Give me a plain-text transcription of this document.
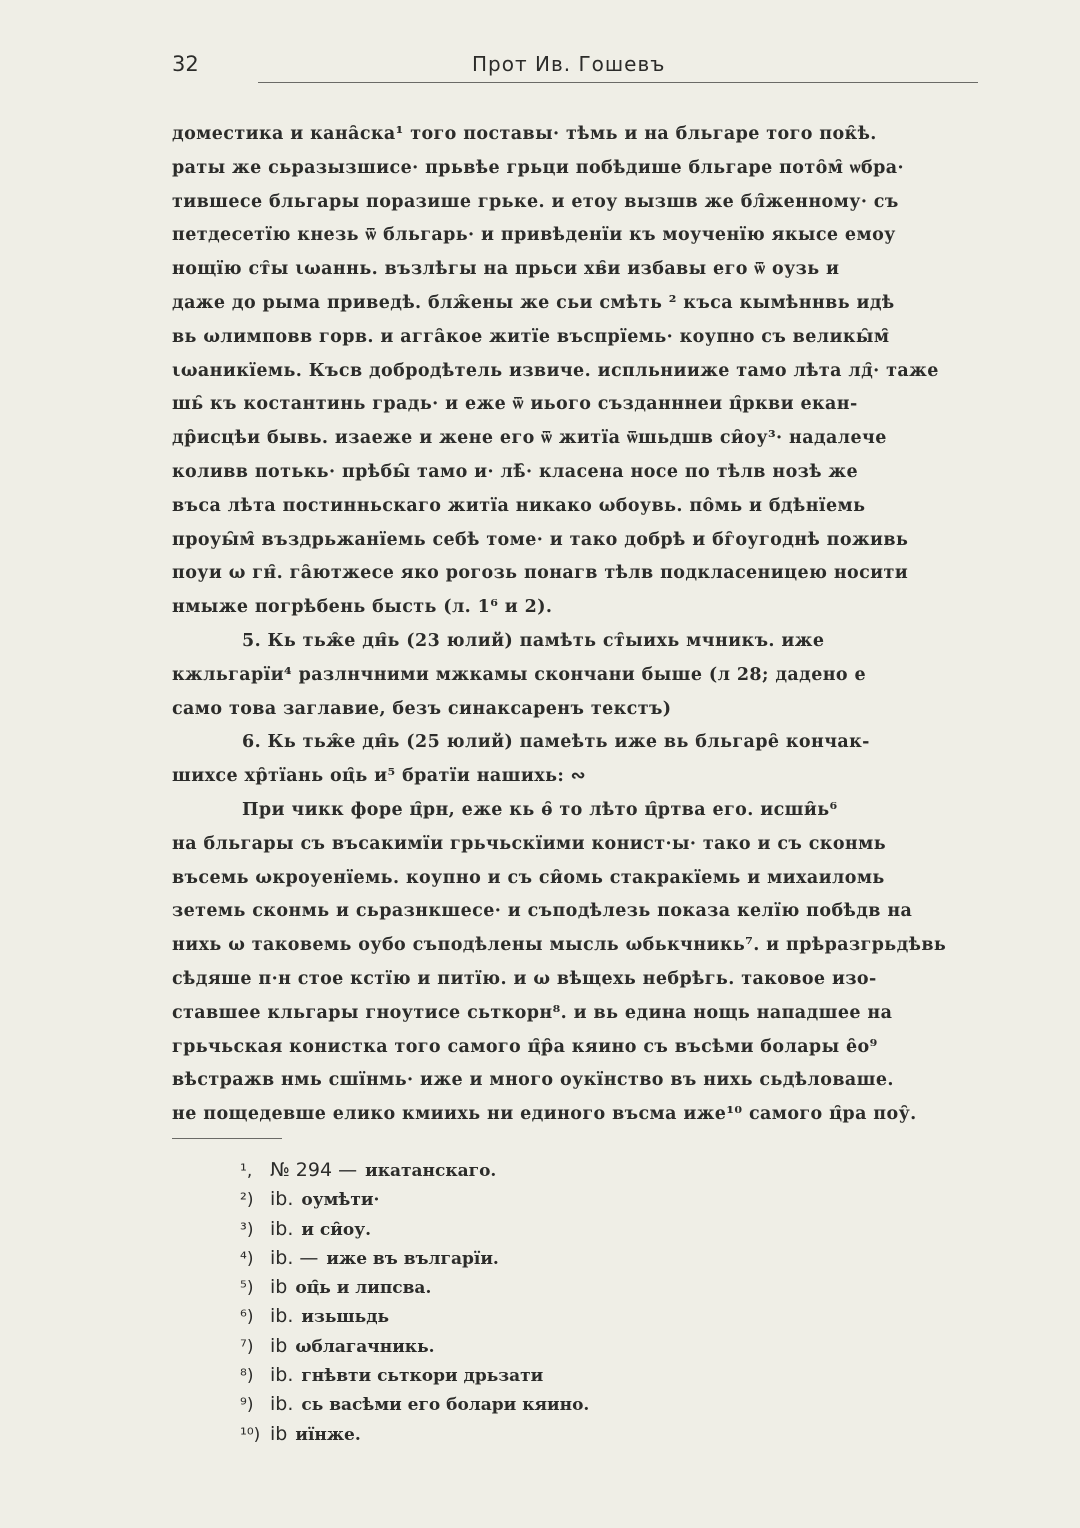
32	Прот Ив. Гошевъ

доместика и кана̑ска¹ того поставы· тѣмь и на бльгаре того пок̑ѣ.
раты же сьразызшисе· прьвѣе грьци побѣдише бльгаре пото̑м̑ ѡбра·
тившесе бльгары поразише грьке. и етоу вызшв же бл̑женному· съ
петдесетїю кнезь ѿ бльгарь· и привѣденїи къ моученїю якысе емоу
нощїю ст̑ы ιωаннь. възлѣгы на прьси хв̑и избавы его ѿ оузь и
даже до рыма приведѣ. блж̑ены же сьи смѣть ² къса кымѣннвь идѣ
вь ωлимповв горв. и агга̑кое житїе въспрїемь· коупно съ великы̑м̑
ιωаникїемь. Късв добродѣтель извиче. испльнииже тамо лѣта лд̑· таже
шь̑ къ костантинь градь· и еже ѿ иього създанннеи ц̑ркви екан-
др̑исцѣи бывь. изаеже и жене его ѿ житїа ѿшьдшв си̑оу³· надалече
коливв потькь· прѣбы̑ тамо и· лѣ̑· класена носе по тѣлв нозѣ же
въса лѣта постинньскаго житїа никако ωбоувь. по̑мь и бдѣнїемь
проуы̑м̑ въздрьжанїемь себѣ томе· и тако добрѣ и бг̑оугоднѣ поживь
поуи ω гн̑. га̑ютжесе яко рогозь понагв тѣлв подкласеницею носити
нмыже погрѣбень бысть (л. 1⁶ и 2).

5. Кь тьж̑е дн̑ь (23 юлий) памѣть ст̑ыихь мчникъ. иже
кжльгарїи⁴ разлнчними мжкамы скончани быше (л 28; дадено е
само това заглавие, безъ синаксаренъ текстъ)

6. Кь тьж̑е дн̑ь (25 юлий) памеѣть иже вь бльгаре̑ кончак-
шихсе хр̑тїань оц̑ь и⁵ братїи нашихь: ∾

При чикк форе ц̑рн, еже кь ѳ̑ то лѣто ц̑ртва его. исши̑ь⁶
на бльгары съ въсакимїи грьчьскїими конист·ы· тако и съ сконмь
въсемь ωкроуенїемь. коупно и съ си̑омь стакракїемь и михаиломь
зетемь сконмь и сьразнкшесе· и съподѣлезь показа келїю побѣдв на
нихь ω таковемь оубо съподѣлены мысль ωбькчникь⁷. и прѣразгрьдѣвь
сѣдяше п·н стое кстїю и питїю. и ω вѣщехь небрѣгь. таковое изо-
ставшее кльгары гноутисе сьткорн⁸. и вь едина нощь нападшее на
грьчьская конистка того самого ц̑р̑а кяино съ въсѣми болары е̑о⁹
вѣстражв нмь сшїнмь· иже и много оукїнство въ нихь сьдѣловаше.
не пощедевше елико кмиихь ни единого въсма иже¹⁰ самого ц̑ра поу̑.

¹, № 294 — икатанскаго.
²) ib. оумѣти·
³) ib. и си̑оу.
⁴) ib. — иже въ вългарїи.
⁵) ib оц̑ь и липсва.
⁶) ib. изьшьдь
⁷) ib ωблагачникь.
⁸) ib. гнѣвти сьткори дрьзати
⁹) ib. сь васѣми его болари кяино.
¹⁰) ib иїнже.
